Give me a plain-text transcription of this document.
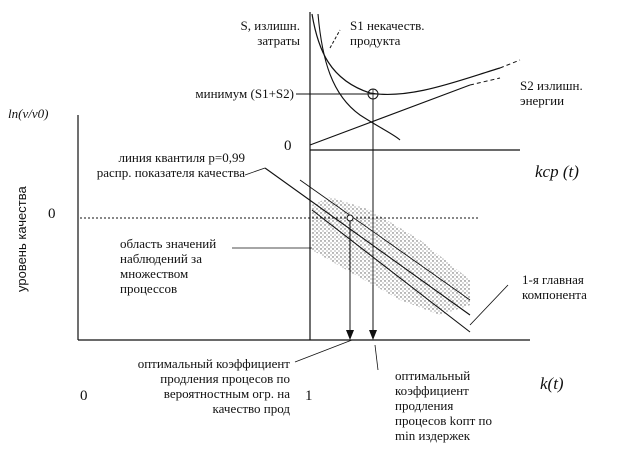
S, излишн. затраты
S1 некачеств. продукта
S2 излишн. энергии
минимум (S1+S2)
0
kср (t)
ln(v/v0)
уровень качества 0
линия квантиля p=0,99 распр. показателя качества
область значений наблюдений за множеством процессов
1-я главная компонента
k(t)
0	1
оптимальный коэффициент продления процесов по вероятностным огр. на качество прод
оптимальный коэффициент продления процесов kопт по min издержек
